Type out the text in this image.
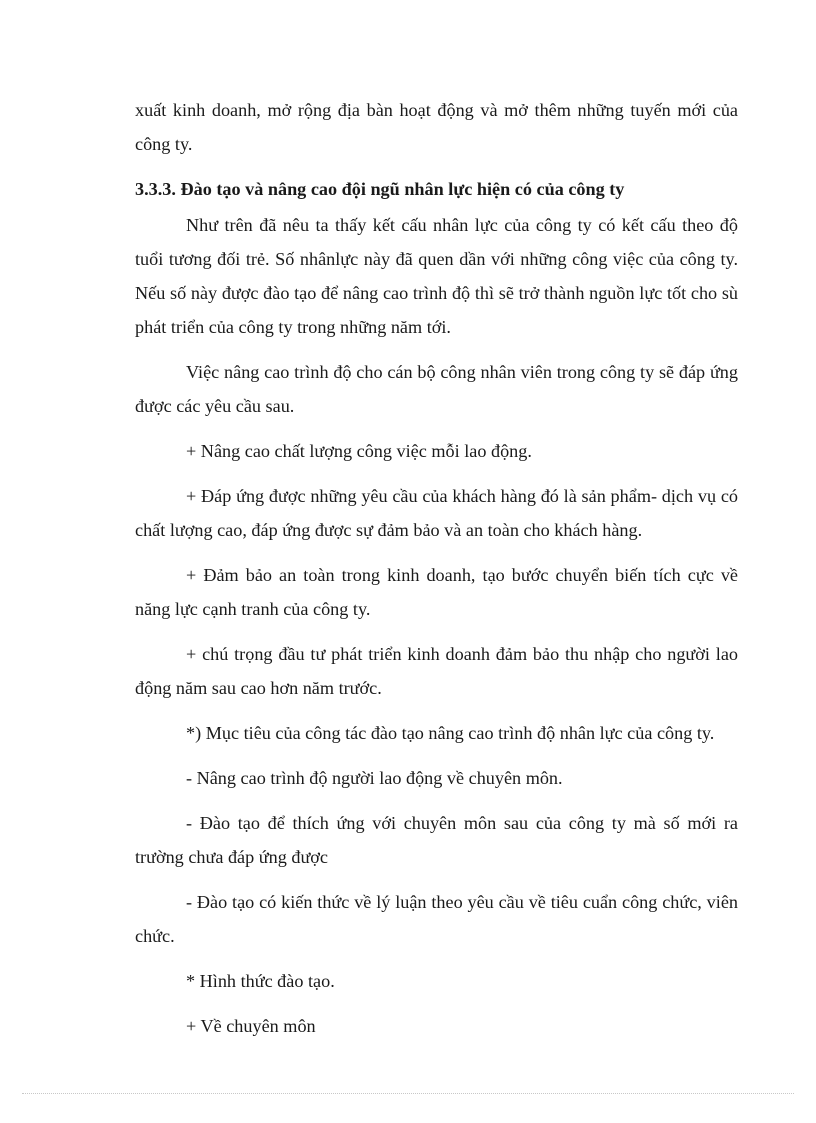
xuất kinh doanh, mở rộng địa bàn hoạt động và mở thêm những tuyến mới của công ty.

3.3.3. Đào tạo và nâng cao đội ngũ nhân lực hiện có của công ty

Như trên đã nêu ta thấy kết cấu nhân lực của công ty có kết cấu theo độ tuổi tương đối trẻ. Số nhânlực này đã quen dần với những công việc của công ty. Nếu số này được đào tạo để nâng cao trình độ thì sẽ trở thành nguồn lực tốt cho sù phát triển của công ty trong những năm tới.

Việc nâng cao trình độ cho cán bộ công nhân viên trong công ty sẽ đáp ứng được các yêu cầu sau.

+ Nâng cao chất lượng công việc mỗi lao động.

+ Đáp ứng được những yêu cầu của khách hàng đó là sản phẩm- dịch vụ có chất lượng cao, đáp ứng được sự đảm bảo và an toàn cho khách hàng.

+ Đảm bảo an toàn trong kinh doanh, tạo bước chuyển biến tích cực về năng lực cạnh tranh của công ty.

+ chú trọng đầu tư phát triển kinh doanh đảm bảo thu nhập cho người lao động năm sau cao hơn năm trước.

*) Mục tiêu của công tác đào tạo nâng cao trình độ nhân lực của công ty.

- Nâng cao trình độ người lao động về chuyên môn.

- Đào tạo để thích ứng với chuyên môn sau của công ty mà số mới ra trường chưa đáp ứng được

- Đào tạo có kiến thức về lý luận theo yêu cầu về tiêu cuẩn công chức, viên chức.

* Hình thức đào tạo.

+ Về chuyên môn
